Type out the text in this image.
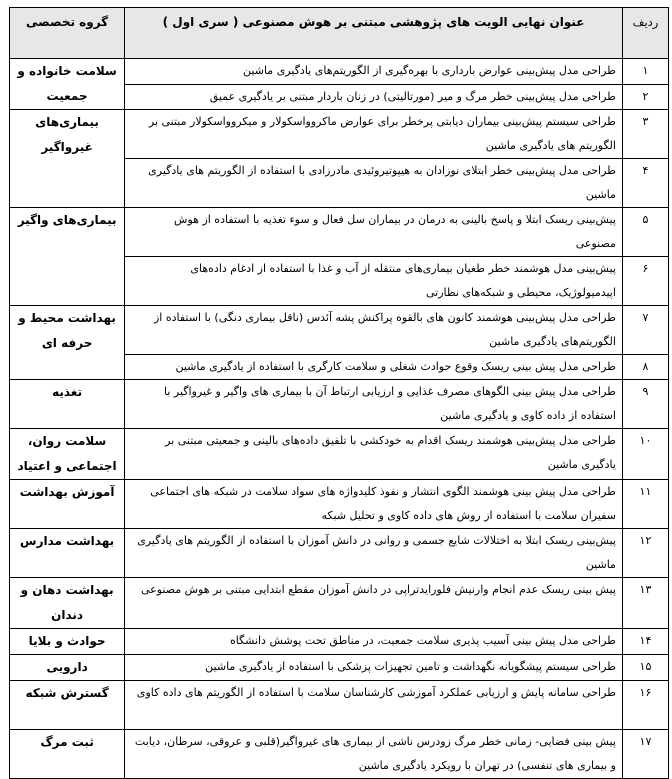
ردیف	عنوان نهایی الویت های پژوهشی مبتنی بر هوش مصنوعی ( سری اول )	گروه تخصصی
۱	طراحی مدل پیش‌بینی عوارض بارداری با بهره‌گیری از الگوریتم‌های یادگیری ماشین	سلامت خانواده و جمعیت
۲	طراحی مدل پیش‌بینی خطر مرگ و میر (مورتالیتی) در زنان باردار مبتنی بر یادگیری عمیق	
۳	طراحی سیستم پیش‌بینی بیماران دیابتی پرخطر برای عوارض ماکروواسکولار و میکروواسکولار مبتنی بر الگوریتم های یادگیری ماشین	بیماری‌های غیرواگیر
۴	طراحی مدل پیش‌بینی خطر ابتلای نوزادان به هیپوتیروئیدی مادرزادی با استفاده از الگوریتم های یادگیری ماشین	
۵	پیش‌بینی ریسک ابتلا و پاسخ بالینی به درمان در بیماران سل فعال و سوء تغذیه با استفاده از هوش مصنوعی	بیماری‌های واگیر
۶	پیش‌بینی مدل هوشمند خطر طغیان بیماری‌های منتقله از آب و غذا با استفاده از ادغام داده‌های اپیدمیولوژیک، محیطی و شبکه‌های نظارتی	
۷	طراحی مدل پیش‌بینی هوشمند کانون های بالقوه پراکنش پشه آئدس (ناقل بیماری دنگی) با استفاده از الگوریتم‌های یادگیری ماشین	بهداشت محیط و حرفه ای
۸	طراحی مدل پیش بینی ریسک وقوع حوادث شغلی و سلامت کارگری با استفاده از یادگیری ماشین	
۹	طراحی مدل پیش بینی الگوهای مصرف غذایی و ارزیابی ارتباط آن با بیماری های واگیر و غیرواگیر با استفاده از داده کاوی و یادگیری ماشین	تغذیه
۱۰	طراحی مدل پیش‌بینی هوشمند ریسک اقدام به خودکشی با تلفیق داده‌های بالینی و جمعیتی مبتنی بر یادگیری ماشین	سلامت روان، اجتماعی و اعتیاد
۱۱	طراحی مدل پیش بینی هوشمند الگوی انتشار و نفوذ کلیدواژه های سواد سلامت در شبکه های اجتماعی سفیران سلامت با استفاده از روش های داده کاوی و تحلیل شبکه	آموزش بهداشت
۱۲	پیش‌بینی ریسک ابتلا به اختلالات شایع جسمی و روانی در دانش آموزان با استفاده از الگوریتم های یادگیری ماشین	بهداشت مدارس
۱۳	پیش بینی ریسک عدم انجام وارنیش فلورایدتراپی در دانش آموزان مقطع ابتدایی مبتنی بر هوش مصنوعی	بهداشت دهان و دندان
۱۴	طراحی مدل پیش بینی آسیب پذیری سلامت جمعیت، در مناطق تحت پوشش دانشگاه	حوادث و بلایا
۱۵	طراحی سیستم پیشگویانه نگهداشت و تامین تجهیزات پزشکی با استفاده از یادگیری ماشین	دارویی
۱۶	طراحی سامانه پایش و ارزیابی عملکرد آموزشی کارشناسان سلامت با استفاده از الگوریتم های داده کاوی	گسترش شبکه
۱۷	پیش بینی فضایی- زمانی خطر مرگ زودرس ناشی از بیماری های غیرواگیر(قلبی و عروقی، سرطان، دیابت و بیماری های تنفسی) در تهران با رویکرد یادگیری ماشین	ثبت مرگ
